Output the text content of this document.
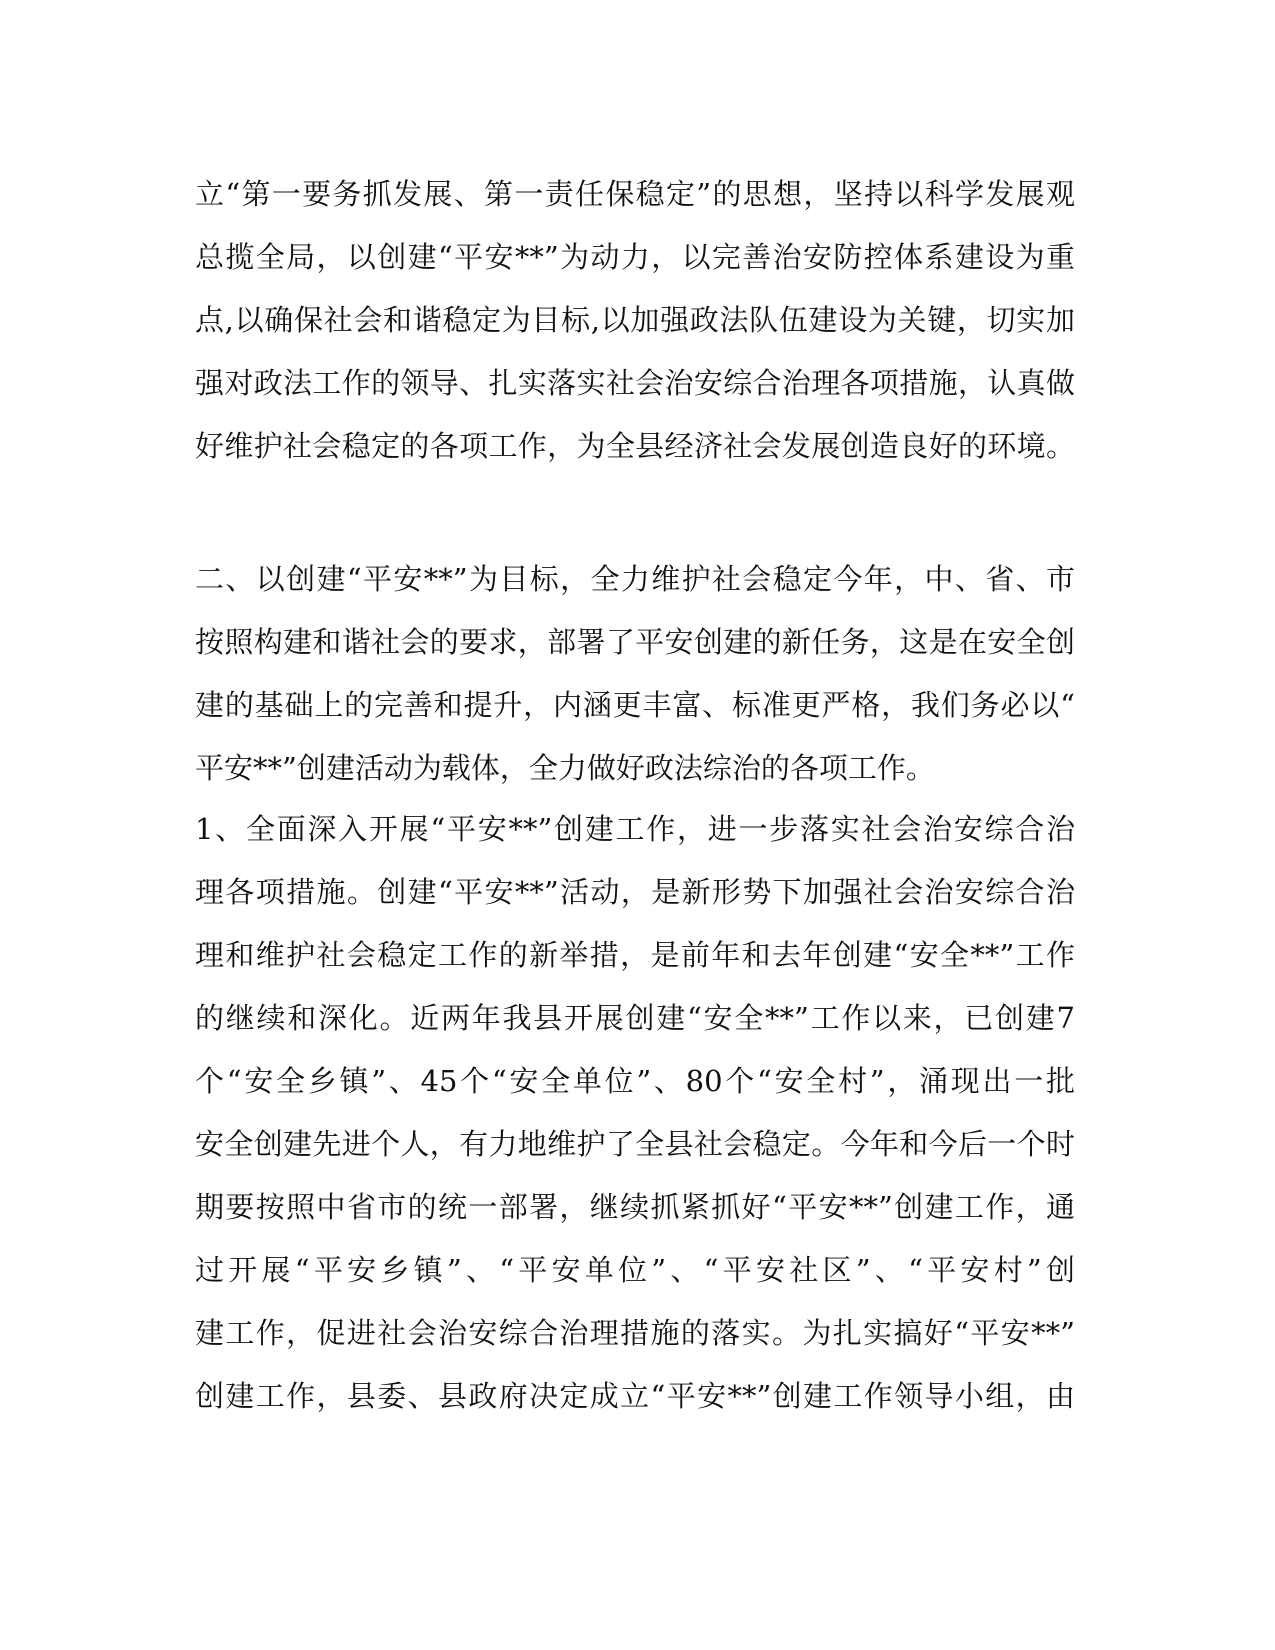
立“第一要务抓发展、第一责任保稳定”的思想，坚持以科学发展观
总揽全局，以创建“平安**”为动力，以完善治安防控体系建设为重
点,以确保社会和谐稳定为目标,以加强政法队伍建设为关键，切实加
强对政法工作的领导、扎实落实社会治安综合治理各项措施，认真做
好维护社会稳定的各项工作，为全县经济社会发展创造良好的环境。
二、以创建“平安**”为目标，全力维护社会稳定今年，中、省、市
按照构建和谐社会的要求，部署了平安创建的新任务，这是在安全创
建的基础上的完善和提升，内涵更丰富、标准更严格，我们务必以“
平安**”创建活动为载体，全力做好政法综治的各项工作。
1、全面深入开展“平安**”创建工作，进一步落实社会治安综合治
理各项措施。创建“平安**”活动，是新形势下加强社会治安综合治
理和维护社会稳定工作的新举措，是前年和去年创建“安全**”工作
的继续和深化。近两年我县开展创建“安全**”工作以来，已创建7
个“安全乡镇”、45个“安全单位”、80个“安全村”，涌现出一批
安全创建先进个人，有力地维护了全县社会稳定。今年和今后一个时
期要按照中省市的统一部署，继续抓紧抓好“平安**”创建工作，通
过开展“平安乡镇”、“平安单位”、“平安社区”、“平安村”创
建工作，促进社会治安综合治理措施的落实。为扎实搞好“平安**”
创建工作，县委、县政府决定成立“平安**”创建工作领导小组，由
